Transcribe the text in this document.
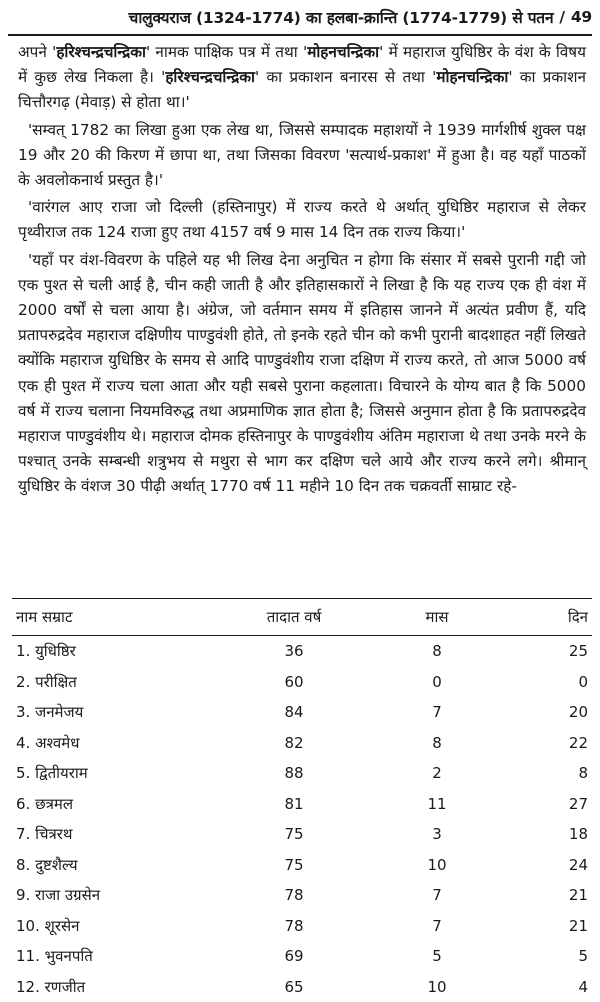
चालुक्यराज (1324-1774) का हलबा-क्रान्ति (1774-1779) से पतन / 49

अपने 'हरिश्चन्द्रचन्द्रिका' नामक पाक्षिक पत्र में तथा 'मोहनचन्द्रिका' में महाराज युधिष्ठिर के वंश के विषय में कुछ लेख निकला है। 'हरिश्चन्द्रचन्द्रिका' का प्रकाशन बनारस से तथा 'मोहनचन्द्रिका' का प्रकाशन चित्तौरगढ़ (मेवाड़) से होता था।'

'सम्वत् 1782 का लिखा हुआ एक लेख था, जिससे सम्पादक महाशयों ने 1939 मार्गशीर्ष शुक्ल पक्ष 19 और 20 की किरण में छापा था, तथा जिसका विवरण 'सत्यार्थ-प्रकाश' में हुआ है। वह यहाँ पाठकों के अवलोकनार्थ प्रस्तुत है।'

'वारंगल आए राजा जो दिल्ली (हस्तिनापुर) में राज्य करते थे अर्थात् युधिष्ठिर महाराज से लेकर पृथ्वीराज तक 124 राजा हुए तथा 4157 वर्ष 9 मास 14 दिन तक राज्य किया।'

'यहाँ पर वंश-विवरण के पहिले यह भी लिख देना अनुचित न होगा कि संसार में सबसे पुरानी गद्दी जो एक पुश्त से चली आई है, चीन कही जाती है और इतिहासकारों ने लिखा है कि यह राज्य एक ही वंश में 2000 वर्षों से चला आया है। अंग्रेज, जो वर्तमान समय में इतिहास जानने में अत्यंत प्रवीण हैं, यदि प्रतापरुद्रदेव महाराज दक्षिणीय पाण्डुवंशी होते, तो इनके रहते चीन को कभी पुरानी बादशाहत नहीं लिखते क्योंकि महाराज युधिष्ठिर के समय से आदि पाण्डुवंशीय राजा दक्षिण में राज्य करते, तो आज 5000 वर्ष एक ही पुश्त में राज्य चला आता और यही सबसे पुराना कहलाता। विचारने के योग्य बात है कि 5000 वर्ष में राज्य चलाना नियमविरुद्ध तथा अप्रमाणिक ज्ञात होता है; जिससे अनुमान होता है कि प्रतापरुद्रदेव महाराज पाण्डुवंशीय थे। महाराज दोमक हस्तिनापुर के पाण्डुवंशीय अंतिम महाराजा थे तथा उनके मरने के पश्चात् उनके सम्बन्धी शत्रुभय से मथुरा से भाग कर दक्षिण चले आये और राज्य करने लगे। श्रीमान् युधिष्ठिर के वंशज 30 पीढ़ी अर्थात् 1770 वर्ष 11 महीने 10 दिन तक चक्रवर्ती साम्राट रहे-

नाम सम्राट	तादात वर्ष	मास	दिन
1. युधिष्ठिर	36	8	25
2. परीक्षित	60	0	0
3. जनमेजय	84	7	20
4. अश्वमेध	82	8	22
5. द्वितीयराम	88	2	8
6. छत्रमल	81	11	27
7. चित्ररथ	75	3	18
8. दुष्टशैल्य	75	10	24
9. राजा उग्रसेन	78	7	21
10. शूरसेन	78	7	21
11. भुवनपति	69	5	5
12. रणजीत	65	10	4
